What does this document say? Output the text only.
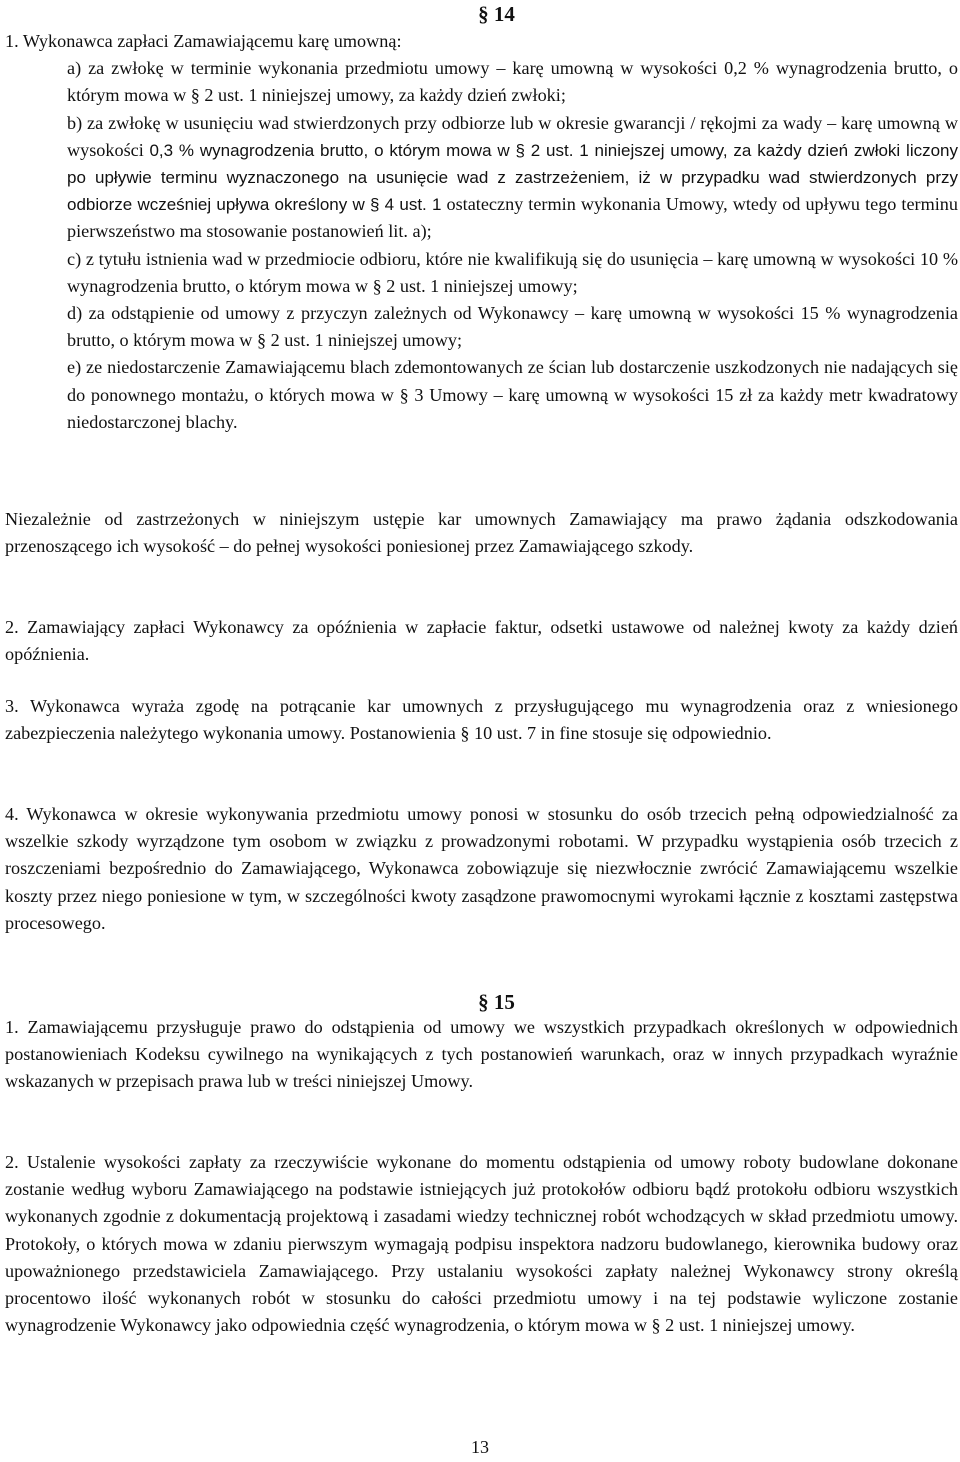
§ 14

1. Wykonawca zapłaci Zamawiającemu karę umowną:

a) za zwłokę w terminie wykonania przedmiotu umowy – karę umowną w wysokości 0,2 % wynagrodzenia brutto, o którym mowa w § 2 ust. 1 niniejszej umowy, za każdy dzień zwłoki;

b) za zwłokę w usunięciu wad stwierdzonych przy odbiorze lub w okresie gwarancji / rękojmi za wady – karę umowną w wysokości 0,3 % wynagrodzenia brutto, o którym mowa w § 2 ust. 1 niniejszej umowy, za każdy dzień zwłoki liczony po upływie terminu wyznaczonego na usunięcie wad z zastrzeżeniem, iż w przypadku wad stwierdzonych przy odbiorze wcześniej upływa określony w § 4 ust. 1 ostateczny termin wykonania Umowy, wtedy od upływu tego terminu pierwszeństwo ma stosowanie postanowień lit. a);

c) z tytułu istnienia wad w przedmiocie odbioru, które nie kwalifikują się do usunięcia – karę umowną w wysokości 10 % wynagrodzenia brutto, o którym mowa w § 2 ust. 1 niniejszej umowy;

d) za odstąpienie od umowy z przyczyn zależnych od Wykonawcy – karę umowną w wysokości 15 % wynagrodzenia brutto, o którym mowa w § 2 ust. 1 niniejszej umowy;

e) ze niedostarczenie Zamawiającemu blach zdemontowanych ze ścian lub dostarczenie uszkodzonych nie nadających się do ponownego montażu, o których mowa w § 3 Umowy – karę umowną w wysokości 15 zł za każdy metr kwadratowy niedostarczonej blachy.

Niezależnie od zastrzeżonych w niniejszym ustępie kar umownych Zamawiający ma prawo żądania odszkodowania przenoszącego ich wysokość – do pełnej wysokości poniesionej przez Zamawiającego szkody.

2. Zamawiający zapłaci Wykonawcy za opóźnienia w zapłacie faktur, odsetki ustawowe od należnej kwoty za każdy dzień opóźnienia.

3. Wykonawca wyraża zgodę na potrącanie kar umownych z przysługującego mu wynagrodzenia oraz z wniesionego zabezpieczenia należytego wykonania umowy. Postanowienia § 10 ust. 7 in fine stosuje się odpowiednio.

4. Wykonawca w okresie wykonywania przedmiotu umowy ponosi w stosunku do osób trzecich pełną odpowiedzialność za wszelkie szkody wyrządzone tym osobom w związku z prowadzonymi robotami. W przypadku wystąpienia osób trzecich z roszczeniami bezpośrednio do Zamawiającego, Wykonawca zobowiązuje się niezwłocznie zwrócić Zamawiającemu wszelkie koszty przez niego poniesione w tym, w szczególności kwoty zasądzone prawomocnymi wyrokami łącznie z kosztami zastępstwa procesowego.

§ 15

1. Zamawiającemu przysługuje prawo do odstąpienia od umowy we wszystkich przypadkach określonych w odpowiednich postanowieniach Kodeksu cywilnego na wynikających z tych postanowień warunkach, oraz w innych przypadkach wyraźnie wskazanych w przepisach prawa lub w treści niniejszej Umowy.

2. Ustalenie wysokości zapłaty za rzeczywiście wykonane do momentu odstąpienia od umowy roboty budowlane dokonane zostanie według wyboru Zamawiającego na podstawie istniejących już protokołów odbioru bądź protokołu odbioru wszystkich wykonanych zgodnie z dokumentacją projektową i zasadami wiedzy technicznej robót wchodzących w skład przedmiotu umowy. Protokoły, o których mowa w zdaniu pierwszym wymagają podpisu inspektora nadzoru budowlanego, kierownika budowy oraz upoważnionego przedstawiciela Zamawiającego. Przy ustalaniu wysokości zapłaty należnej Wykonawcy strony określą procentowo ilość wykonanych robót w stosunku do całości przedmiotu umowy i na tej podstawie wyliczone zostanie wynagrodzenie Wykonawcy jako odpowiednia część wynagrodzenia, o którym mowa w § 2 ust. 1 niniejszej umowy.

13
